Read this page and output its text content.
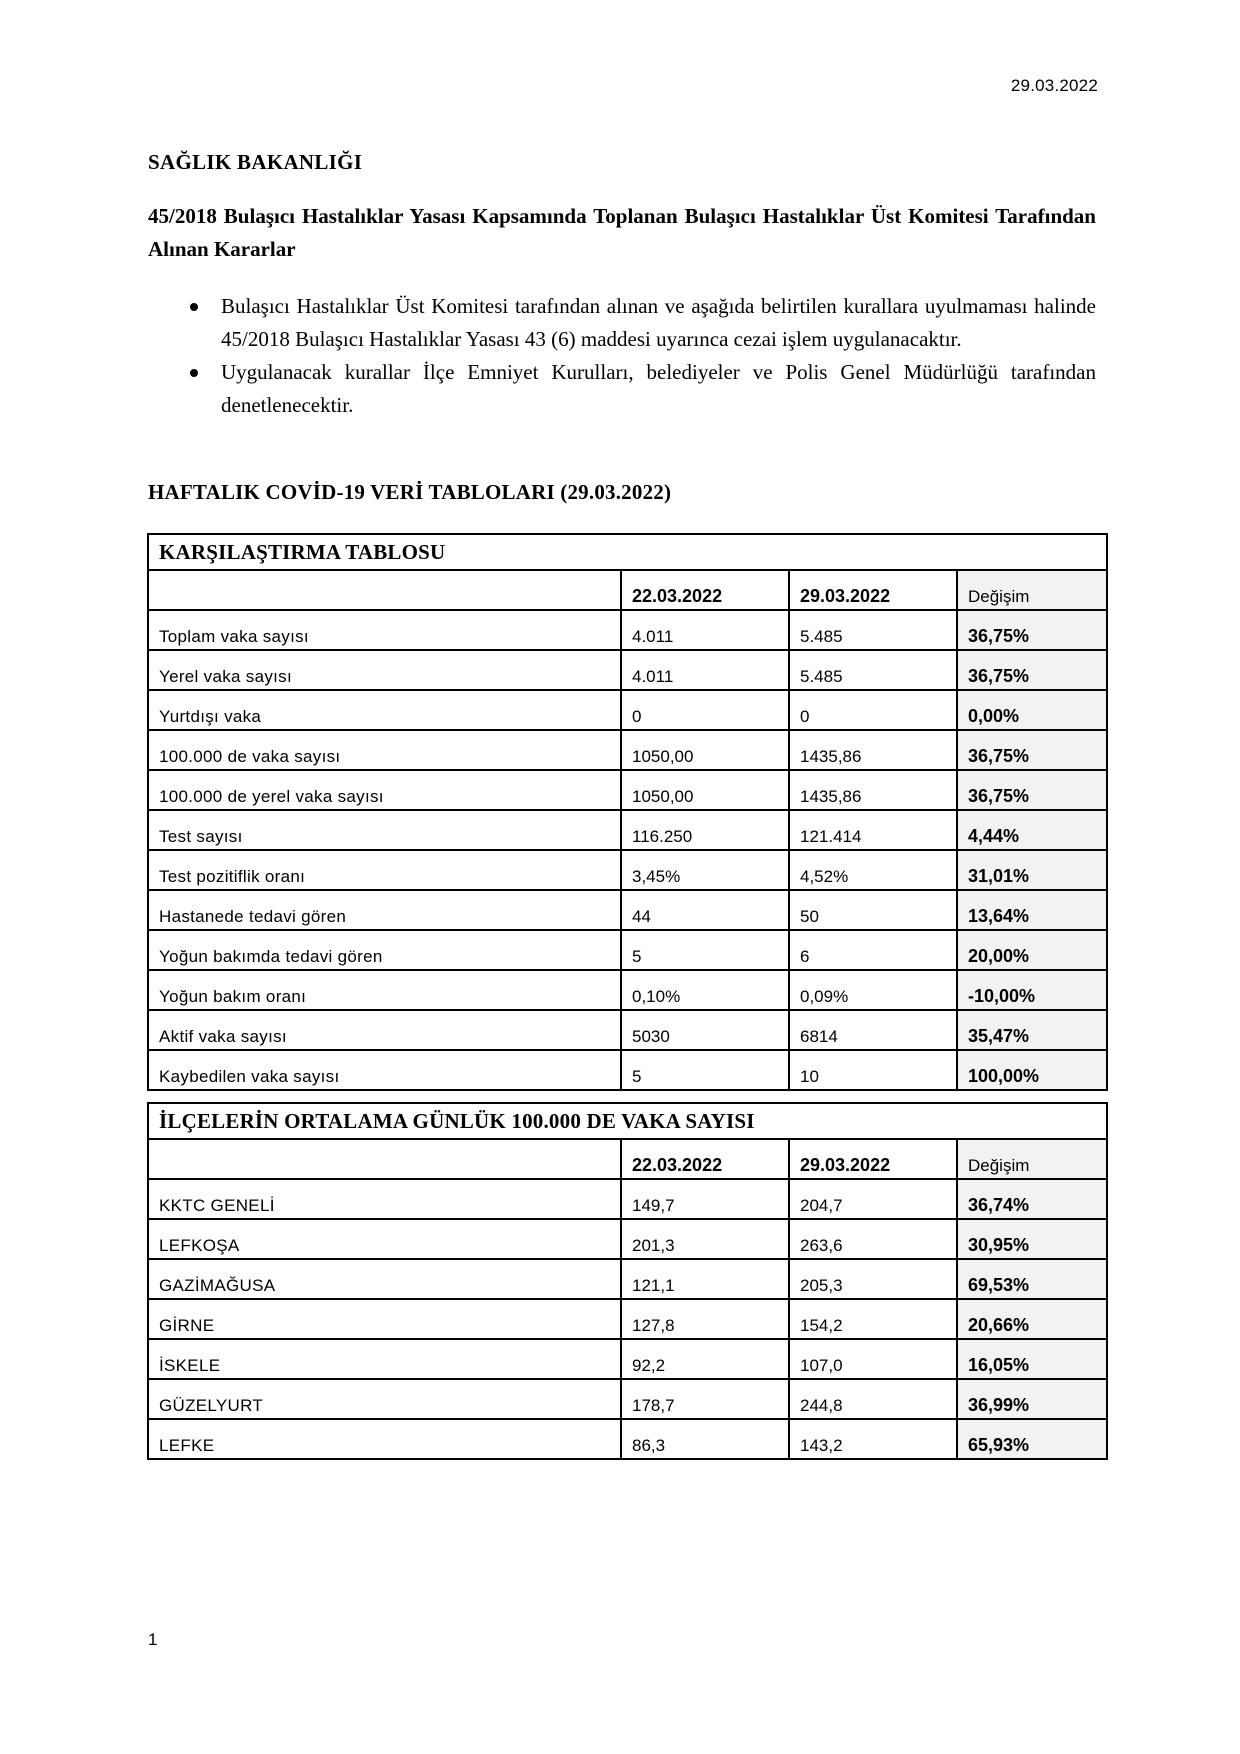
29.03.2022
SAĞLIK BAKANLIĞI
45/2018 Bulaşıcı Hastalıklar Yasası Kapsamında Toplanan Bulaşıcı Hastalıklar Üst Komitesi Tarafından Alınan Kararlar
Bulaşıcı Hastalıklar Üst Komitesi tarafından alınan ve aşağıda belirtilen kurallara uyulmaması halinde 45/2018 Bulaşıcı Hastalıklar Yasası 43 (6) maddesi uyarınca cezai işlem uygulanacaktır.
Uygulanacak kurallar İlçe Emniyet Kurulları, belediyeler ve Polis Genel Müdürlüğü tarafından denetlenecektir.
HAFTALIK COVİD-19 VERİ TABLOLARI (29.03.2022)
KARŞILAŞTIRMA TABLOSU			
	22.03.2022	29.03.2022	Değişim
Toplam vaka sayısı	4.011	5.485	36,75%
Yerel vaka sayısı	4.011	5.485	36,75%
Yurtdışı vaka	0	0	0,00%
100.000 de vaka sayısı	1050,00	1435,86	36,75%
100.000 de yerel vaka sayısı	1050,00	1435,86	36,75%
Test sayısı	116.250	121.414	4,44%
Test pozitiflik oranı	3,45%	4,52%	31,01%
Hastanede tedavi gören	44	50	13,64%
Yoğun bakımda tedavi gören	5	6	20,00%
Yoğun bakım oranı	0,10%	0,09%	-10,00%
Aktif vaka sayısı	5030	6814	35,47%
Kaybedilen vaka sayısı	5	10	100,00%
İLÇELERİN ORTALAMA GÜNLÜK 100.000 DE VAKA SAYISI			
	22.03.2022	29.03.2022	Değişim
KKTC GENELİ	149,7	204,7	36,74%
LEFKOŞA	201,3	263,6	30,95%
GAZİMAĞUSA	121,1	205,3	69,53%
GİRNE	127,8	154,2	20,66%
İSKELE	92,2	107,0	16,05%
GÜZELYURT	178,7	244,8	36,99%
LEFKE	86,3	143,2	65,93%
1
